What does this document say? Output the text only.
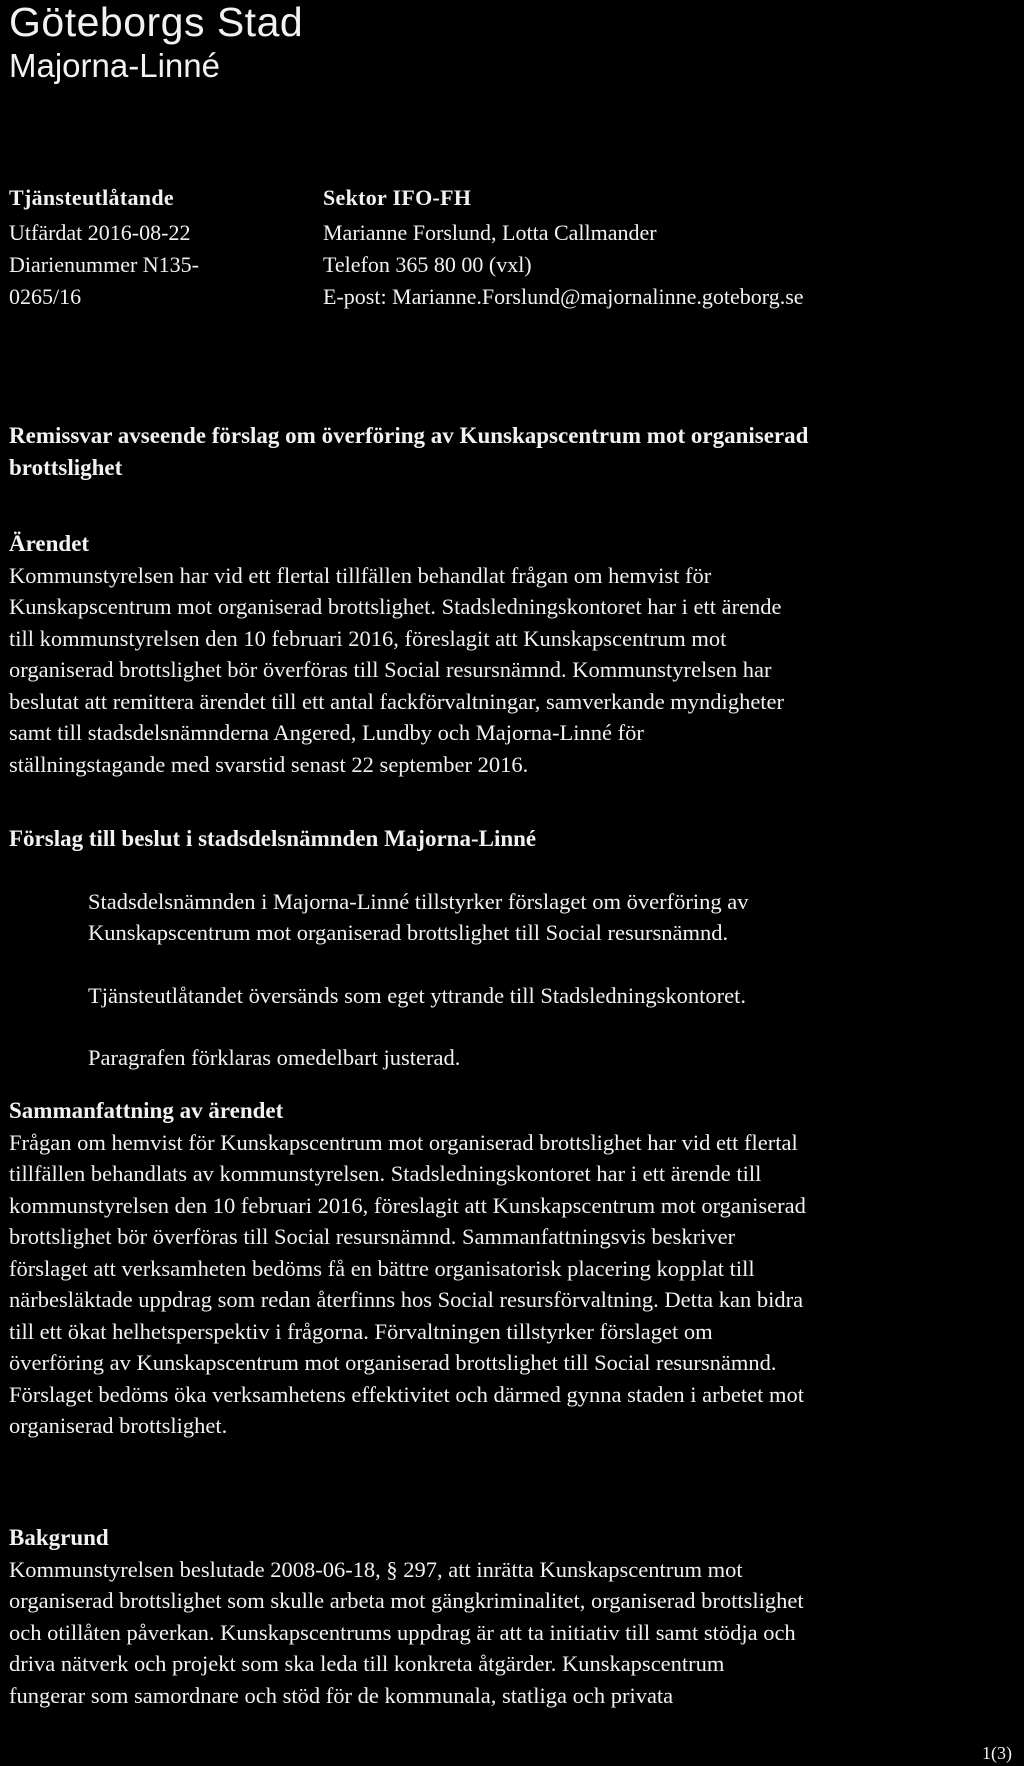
Göteborgs Stad
Majorna-Linné
Tjänsteutlåtande
Utfärdat 2016-08-22
Diarienummer N135-
0265/16
Sektor IFO-FH
Marianne Forslund, Lotta Callmander
Telefon 365 80 00 (vxl)
E-post: Marianne.Forslund@majornalinne.goteborg.se
Remissvar avseende förslag om överföring av Kunskapscentrum mot organiserad
brottslighet
Ärendet

Kommunstyrelsen har vid ett flertal tillfällen behandlat frågan om hemvist för

Kunskapscentrum mot organiserad brottslighet. Stadsledningskontoret har i ett ärende

till kommunstyrelsen den 10 februari 2016, föreslagit att Kunskapscentrum mot

organiserad brottslighet bör överföras till Social resursnämnd. Kommunstyrelsen har

beslutat att remittera ärendet till ett antal fackförvaltningar, samverkande myndigheter

samt till stadsdelsnämnderna Angered, Lundby och Majorna-Linné för

ställningstagande med svarstid senast 22 september 2016.

Förslag till beslut i stadsdelsnämnden Majorna-Linné

Stadsdelsnämnden i Majorna-Linné tillstyrker förslaget om överföring av

Kunskapscentrum mot organiserad brottslighet till Social resursnämnd.

Tjänsteutlåtandet översänds som eget yttrande till Stadsledningskontoret.

Paragrafen förklaras omedelbart justerad.

Sammanfattning av ärendet

Frågan om hemvist för Kunskapscentrum mot organiserad brottslighet har vid ett flertal

tillfällen behandlats av kommunstyrelsen. Stadsledningskontoret har i ett ärende till

kommunstyrelsen den 10 februari 2016, föreslagit att Kunskapscentrum mot organiserad

brottslighet bör överföras till Social resursnämnd. Sammanfattningsvis beskriver

förslaget att verksamheten bedöms få en bättre organisatorisk placering kopplat till

närbesläktade uppdrag som redan återfinns hos Social resursförvaltning. Detta kan bidra

till ett ökat helhetsperspektiv i frågorna. Förvaltningen tillstyrker förslaget om

överföring av Kunskapscentrum mot organiserad brottslighet till Social resursnämnd.

Förslaget bedöms öka verksamhetens effektivitet och därmed gynna staden i arbetet mot

organiserad brottslighet.

Bakgrund

Kommunstyrelsen beslutade 2008-06-18, § 297, att inrätta Kunskapscentrum mot

organiserad brottslighet som skulle arbeta mot gängkriminalitet, organiserad brottslighet

och otillåten påverkan. Kunskapscentrums uppdrag är att ta initiativ till samt stödja och

driva nätverk och projekt som ska leda till konkreta åtgärder. Kunskapscentrum

fungerar som samordnare och stöd för de kommunala, statliga och privata

1(3)
